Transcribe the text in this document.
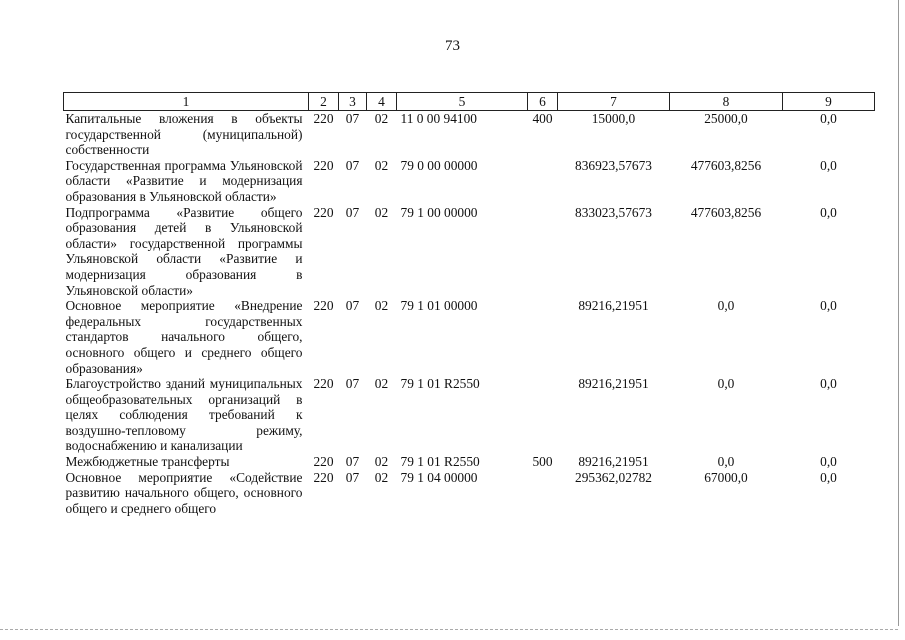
73
1	2	3	4	5	6	7	8	9
Капитальные вложения в объекты государственной (муниципальной) собственности	220	07	02	11 0 00 94100	400	15000,0	25000,0	0,0
Государственная программа Ульяновской области «Развитие и модернизация образования в Ульяновской области»	220	07	02	79 0 00 00000		836923,57673	477603,8256	0,0
Подпрограмма «Развитие общего образования детей в Ульяновской области» государственной программы Ульяновской области «Развитие и модернизация образования в Ульяновской области»	220	07	02	79 1 00 00000		833023,57673	477603,8256	0,0
Основное мероприятие «Внедрение федеральных государственных стандартов начального общего, основного общего и среднего общего образования»	220	07	02	79 1 01 00000		89216,21951	0,0	0,0
Благоустройство зданий муниципальных общеобразовательных организаций в целях соблюдения требований к воздушно-тепловому режиму, водоснабжению и канализации	220	07	02	79 1 01 R2550		89216,21951	0,0	0,0
Межбюджетные трансферты	220	07	02	79 1 01 R2550	500	89216,21951	0,0	0,0
Основное мероприятие «Содействие развитию начального общего, основного общего и среднего общего	220	07	02	79 1 04 00000		295362,02782	67000,0	0,0
